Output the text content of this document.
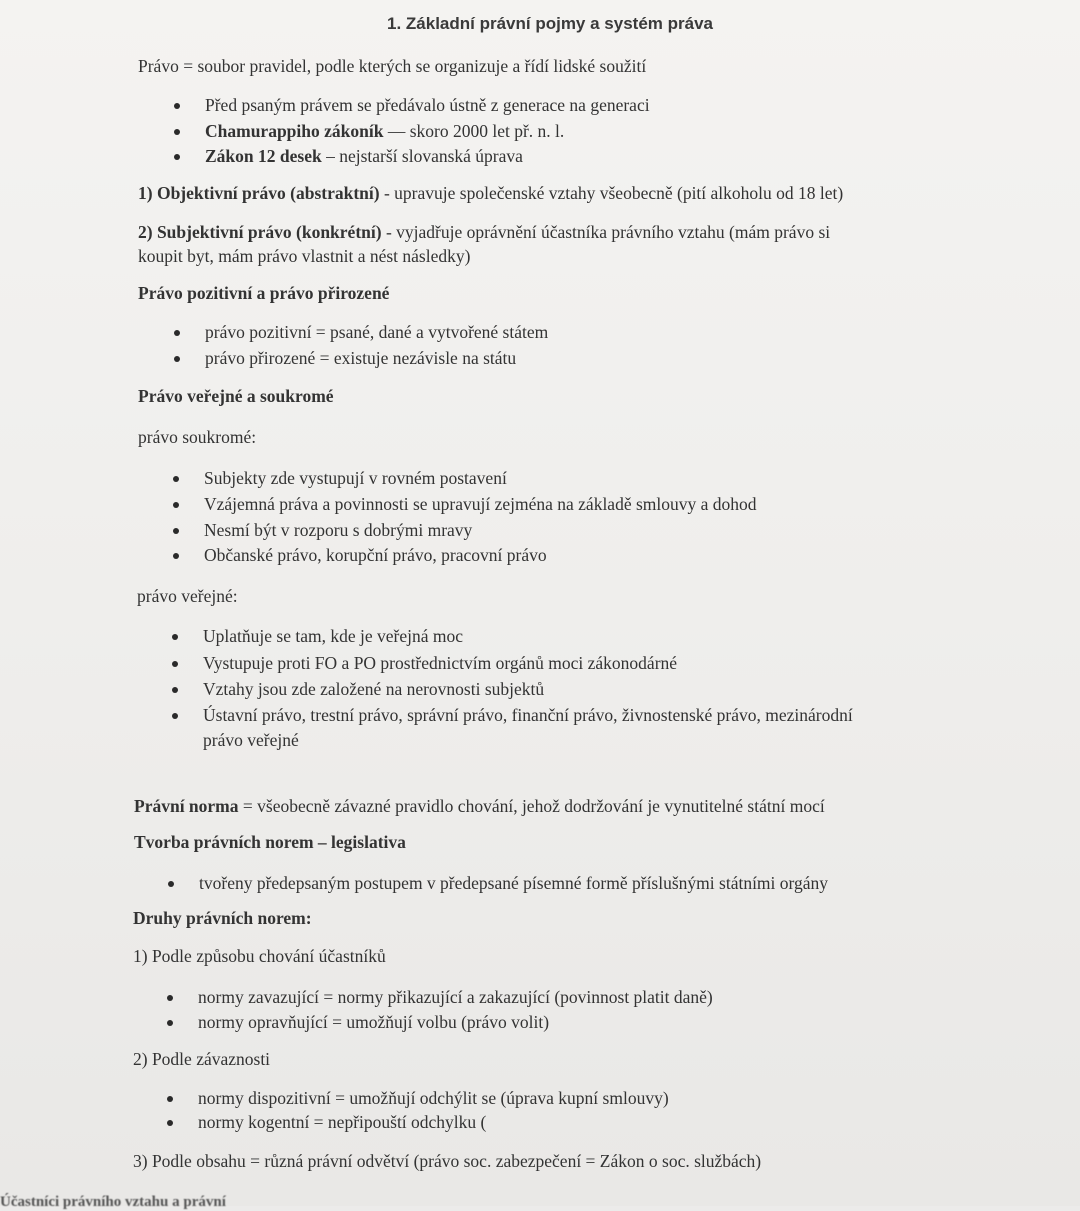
1. Základní právní pojmy a systém práva
Právo = soubor pravidel, podle kterých se organizuje a řídí lidské soužití
Před psaným právem se předávalo ústně z generace na generaci
Chamurappiho zákoník — skoro 2000 let př. n. l.
Zákon 12 desek – nejstarší slovanská úprava
1) Objektivní právo (abstraktní) - upravuje společenské vztahy všeobecně (pití alkoholu od 18 let)
2) Subjektivní právo (konkrétní) - vyjadřuje oprávnění účastníka právního vztahu (mám právo si
koupit byt, mám právo vlastnit a nést následky)
Právo pozitivní a právo přirozené
právo pozitivní = psané, dané a vytvořené státem
právo přirozené = existuje nezávisle na státu
Právo veřejné a soukromé
právo soukromé:
Subjekty zde vystupují v rovném postavení
Vzájemná práva a povinnosti se upravují zejména na základě smlouvy a dohod
Nesmí být v rozporu s dobrými mravy
Občanské právo, korupční právo, pracovní právo
právo veřejné:
Uplatňuje se tam, kde je veřejná moc
Vystupuje proti FO a PO prostřednictvím orgánů moci zákonodárné
Vztahy jsou zde založené na nerovnosti subjektů
Ústavní právo, trestní právo, správní právo, finanční právo, živnostenské právo, mezinárodní
právo veřejné
Právní norma = všeobecně závazné pravidlo chování, jehož dodržování je vynutitelné státní mocí
Tvorba právních norem – legislativa
tvořeny předepsaným postupem v předepsané písemné formě příslušnými státními orgány
Druhy právních norem:
1) Podle způsobu chování účastníků
normy zavazující = normy přikazující a zakazující (povinnost platit daně)
normy opravňující = umožňují volbu (právo volit)
2) Podle závaznosti
normy dispozitivní = umožňují odchýlit se (úprava kupní smlouvy)
normy kogentní = nepřipouští odchylku (
3) Podle obsahu = různá právní odvětví (právo soc. zabezpečení = Zákon o soc. službách)
Účastníci právního vztahu a právní
